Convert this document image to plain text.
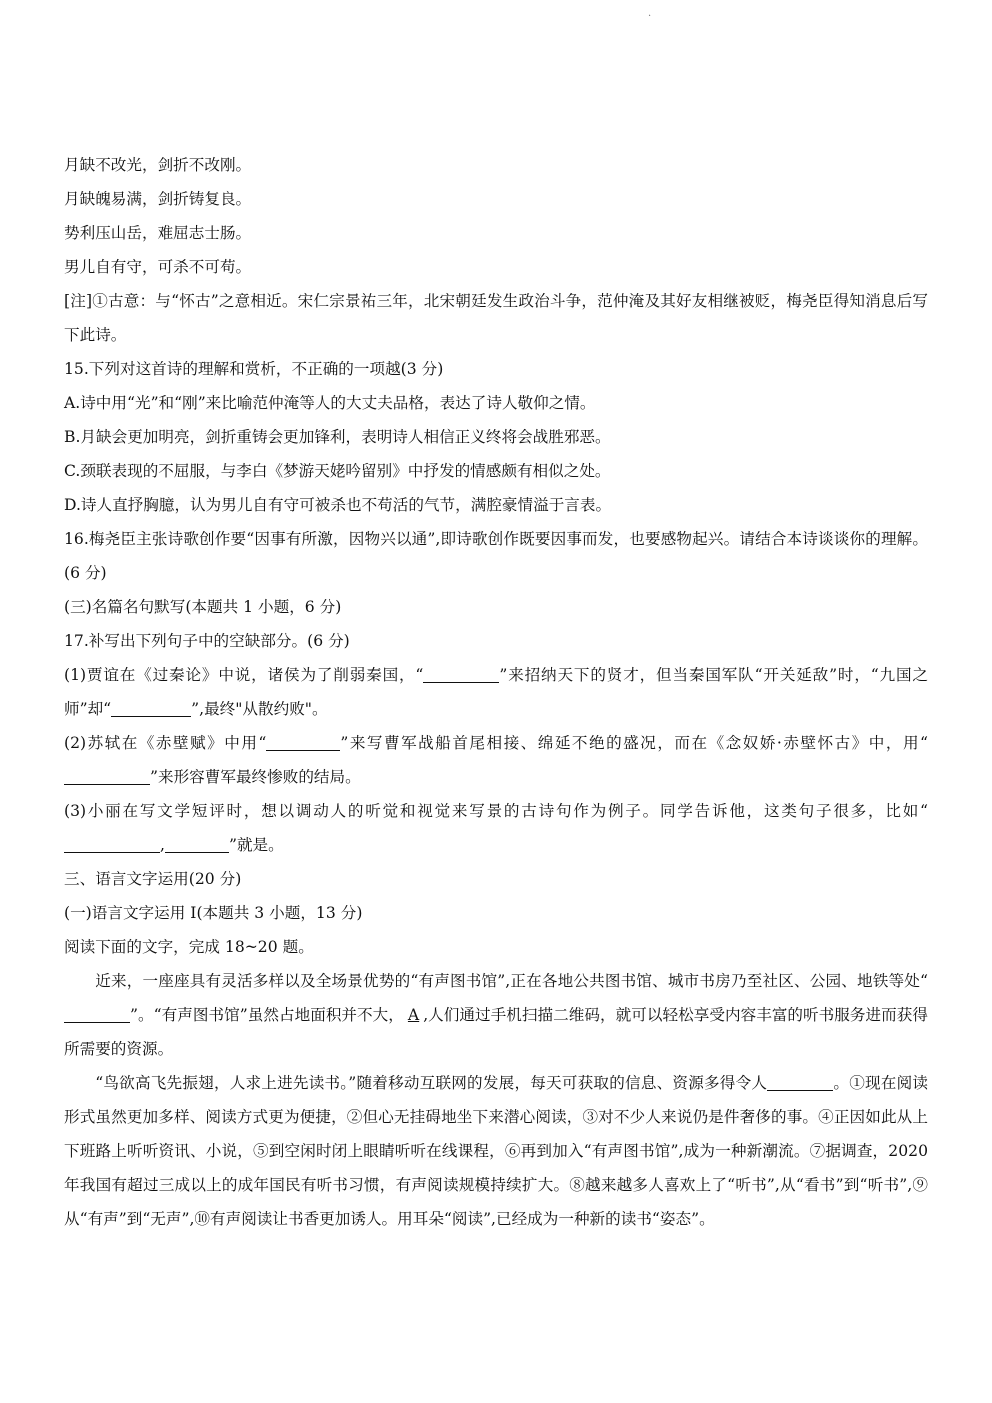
.

月缺不改光，剑折不改刚。

月缺魄易满，剑折铸复良。

势利压山岳，难屈志士肠。

男儿自有守，可杀不可苟。

[注]①古意：与“怀古”之意相近。宋仁宗景祐三年，北宋朝廷发生政治斗争，范仲淹及其好友相继被贬，梅尧臣得知消息后写下此诗。

15.下列对这首诗的理解和赏析，不正确的一项越(3 分)

A.诗中用“光”和“刚”来比喻范仲淹等人的大丈夫品格，表达了诗人敬仰之情。

B.月缺会更加明亮，剑折重铸会更加锋利，表明诗人相信正义终将会战胜邪恶。

C.颈联表现的不屈服，与李白《梦游天姥吟留别》中抒发的情感颇有相似之处。

D.诗人直抒胸臆，认为男儿自有守可被杀也不苟活的气节，满腔豪情溢于言表。

16.梅尧臣主张诗歌创作要“因事有所激，因物兴以通”,即诗歌创作既要因事而发，也要感物起兴。请结合本诗谈谈你的理解。(6 分)

(三)名篇名句默写(本题共 1 小题，6 分)

17.补写出下列句子中的空缺部分。(6 分)

(1)贾谊在《过秦论》中说，诸侯为了削弱秦国，“	”来招纳天下的贤才，但当秦国军队“开关延敌”时，“九国之师”却“	”,最终"从散约败"。

(2)苏轼在《赤壁赋》中用“	”来写曹军战船首尾相接、绵延不绝的盛况，而在《念奴娇·赤壁怀古》中，用“”来形容曹军最终惨败的结局。

(3)小丽在写文学短评时，想以调动人的听觉和视觉来写景的古诗句作为例子。同学告诉他，这类句子很多，比如“,	”就是。

三、语言文字运用(20 分)

(一)语言文字运用 I(本题共 3 小题，13 分)

阅读下面的文字，完成 18~20 题。

近来，一座座具有灵活多样以及全场景优势的“有声图书馆”,正在各地公共图书馆、城市书房乃至社区、公园、地铁等处“”。“有声图书馆”虽然占地面积并不大， A ,人们通过手机扫描二维码，就可以轻松享受内容丰富的听书服务进而获得所需要的资源。

“鸟欲高飞先振翅，人求上进先读书。”随着移动互联网的发展，每天可获取的信息、资源多得令人	。①现在阅读形式虽然更加多样、阅读方式更为便捷，②但心无挂碍地坐下来潜心阅读，③对不少人来说仍是件奢侈的事。④正因如此从上下班路上听听资讯、小说，⑤到空闲时闭上眼睛听听在线课程，⑥再到加入“有声图书馆”,成为一种新潮流。⑦据调查，2020 年我国有超过三成以上的成年国民有听书习惯，有声阅读规模持续扩大。⑧越来越多人喜欢上了“听书”,从“看书”到“听书”,⑨从“有声”到“无声”,⑩有声阅读让书香更加诱人。用耳朵“阅读”,已经成为一种新的读书“姿态”。
